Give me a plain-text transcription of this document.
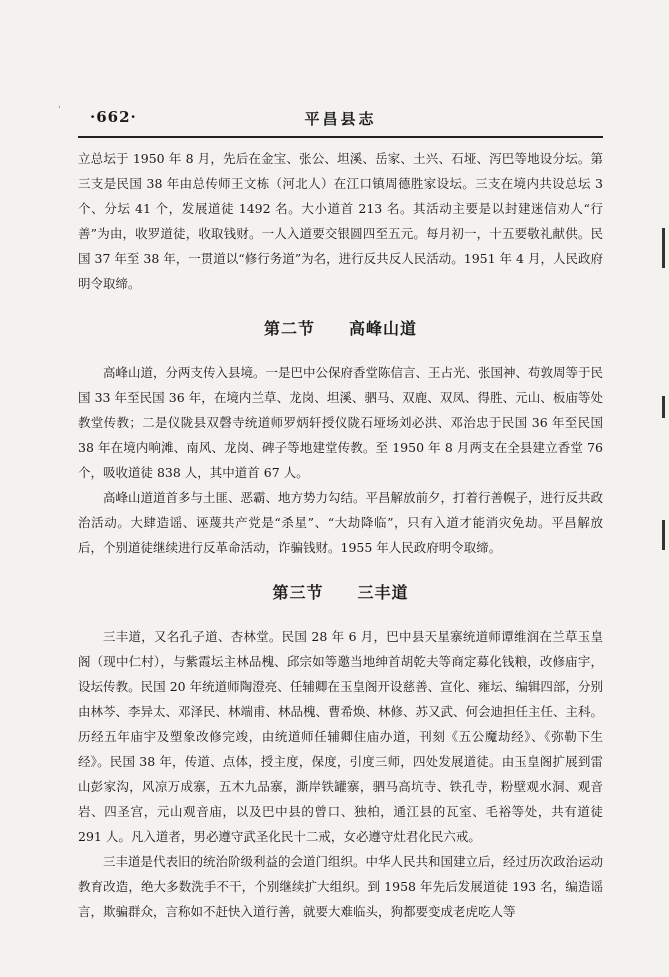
· ·662·	平昌县志

立总坛于 1950 年 8 月，先后在金宝、张公、坦溪、岳家、土兴、石垭、泻巴等地设分坛。第三支是民国 38 年由总传师王文栋（河北人）在江口镇周德胜家设坛。三支在境内共设总坛 3 个、分坛 41 个，发展道徒 1492 名。大小道首 213 名。其活动主要是以封建迷信劝人“行善”为由，收罗道徒，收取钱财。一人入道要交银圆四至五元。每月初一，十五要敬礼献供。民国 37 年至 38 年，一贯道以“修行务道”为名，进行反共反人民活动。1951 年 4 月，人民政府明令取缔。

第二节 高峰山道

高峰山道，分两支传入县境。一是巴中公保府香堂陈信言、王占光、张国神、苟敦周等于民国 33 年至民国 36 年，在境内兰草、龙岗、坦溪、驷马、双鹿、双凤、得胜、元山、板庙等处教堂传教；二是仪陇县双磬寺统道师罗炳轩授仪陇石垭场刘必洪、邓治忠于民国 36 年至民国 38 年在境内响滩、南风、龙岗、碑子等地建堂传教。至 1950 年 8 月两支在全县建立香堂 76 个，吸收道徒 838 人，其中道首 67 人。

高峰山道道首多与土匪、恶霸、地方势力勾结。平昌解放前夕，打着行善幌子，进行反共政治活动。大肆造谣、诬蔑共产党是“杀星”、“大劫降临”，只有入道才能消灾免劫。平昌解放后，个别道徒继续进行反革命活动，诈骗钱财。1955 年人民政府明令取缔。

第三节 三丰道

三丰道，又名孔子道、杏林堂。民国 28 年 6 月，巴中县天星寨统道师谭维润在兰草玉皇阁（现中仁村），与紫霞坛主林品槐、邱宗如等邀当地绅首胡乾夫等商定募化钱粮，改修庙宇，设坛传教。民国 20 年统道师陶澄亮、任辅卿在玉皇阁开设慈善、宣化、雍坛、编辑四部，分别由林芩、李异太、邓泽民、林端甫、林品槐、曹希焕、林修、苏又武、何会迪担任主任、主科。历经五年庙宇及塑象改修完竣，由统道师任辅卿住庙办道，刊刻《五公魔劫经》、《弥勒下生经》。民国 38 年，传道、点体，授主度，保度，引度三师，四处发展道徒。由玉皇阁扩展到雷山彭家沟，风凉万成寨，五木九品寨，澌岸铁罐寨，驷马高坑寺、铁孔寺，粉壁观水洞、观音岩、四圣宫，元山观音庙，以及巴中县的曾口、独柏，通江县的瓦室、毛裕等处，共有道徒 291 人。凡入道者，男必遵守武圣化民十二戒，女必遵守灶君化民六戒。

三丰道是代表旧的统治阶级利益的会道门组织。中华人民共和国建立后，经过历次政治运动教育改造，绝大多数洗手不干，个别继续扩大组织。到 1958 年先后发展道徒 193 名，编造谣言，欺骗群众，言称如不赶快入道行善，就要大难临头，狗都要变成老虎吃人等
